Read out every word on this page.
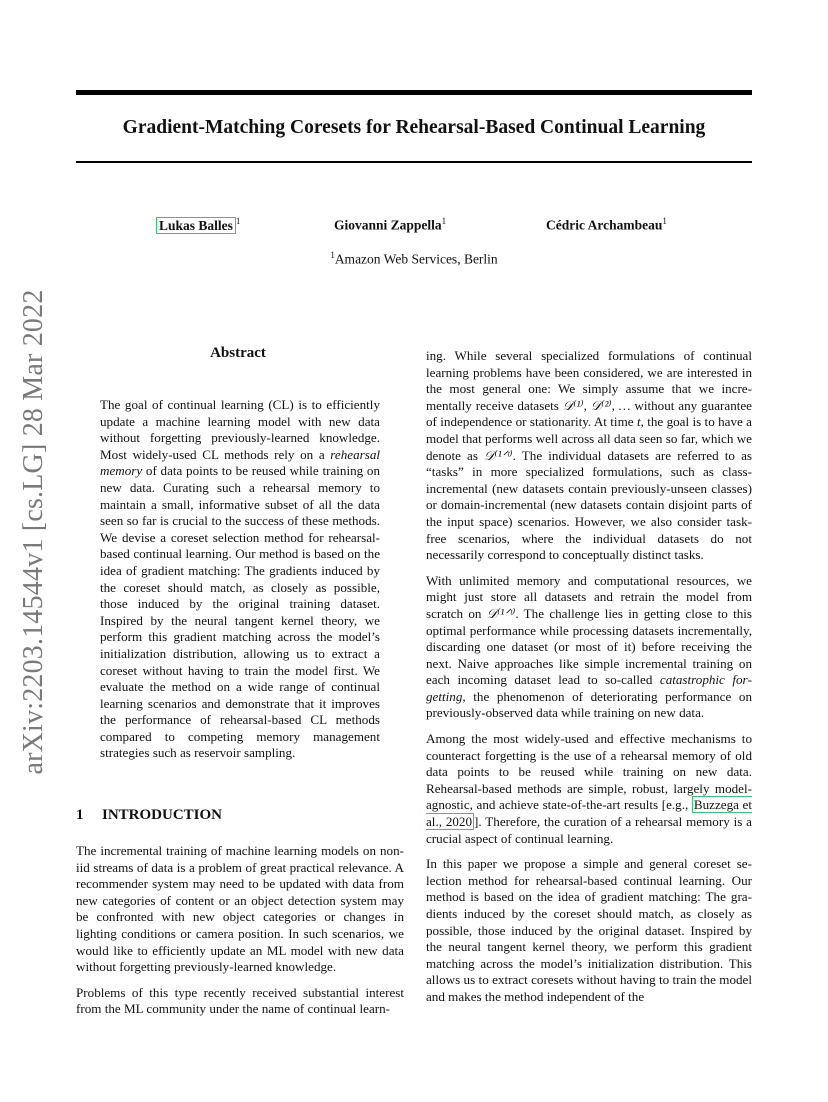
Gradient-Matching Coresets for Rehearsal-Based Continual Learning
Lukas Balles $^1$	Giovanni Zappella$^1$	Cédric Archambeau$^1$
$^1$Amazon Web Services, Berlin
arXiv:2203.14544v1 [cs.LG] 28 Mar 2022	Abstract
The goal of continual learning (CL) is to efficiently update a machine learning model with new data without forgetting previously-learned knowledge. Most widely-used CL methods rely on a rehearsal memory of data points to be reused while training on new data. Curating such a rehearsal memory to maintain a small, informative subset of all the data seen so far is crucial to the success of these methods. We devise a coreset selection method for rehearsal-based continual learning. Our method is based on the idea of gradient matching: The gradients induced by the coreset should match, as closely as possible, those induced by the original training dataset. Inspired by the neural tangent kernel theory, we perform this gradient matching across the model’s initialization distribution, allowing us to extract a coreset without having to train the model first. We evaluate the method on a wide range of continual learning scenarios and demonstrate that it improves the performance of rehearsal-based CL methods compared to competing memory management strategies such as reservoir sampling.
1 INTRODUCTION

The incremental training of machine learning models on non-iid streams of data is a problem of great practical relevance. A recommender system may need to be updated with data from new categories of content or an object detection system may be confronted with new object categories or changes in lighting conditions or camera position. In such scenarios, we would like to efficiently update an ML model with new data without forgetting previously-learned knowledge.

Problems of this type recently received substantial interest from the ML community under the name of continual learn-

ing. While several specialized formulations of continual learning problems have been considered, we are interested in the most general one: We simply assume that we incrementally receive datasets 𝒟⁽¹⁾, 𝒟⁽²⁾, … without any guarantee of independence or stationarity. At time t, the goal is to have a model that performs well across all data seen so far, which we denote as 𝒟⁽¹ᐟᵗ⁾. The individual datasets are referred to as “tasks” in more specialized formulations, such as class-incremental (new datasets contain previously-unseen classes) or domain-incremental (new datasets contain disjoint parts of the input space) scenarios. However, we also consider task-free scenarios, where the individual datasets do not necessarily correspond to conceptually distinct tasks.

With unlimited memory and computational resources, we might just store all datasets and retrain the model from scratch on 𝒟⁽¹ᐟᵗ⁾. The challenge lies in getting close to this optimal performance while processing datasets incrementally, discarding one dataset (or most of it) before receiving the next. Naive approaches like simple incremental training on each incoming dataset lead to so-called catastrophic forgetting, the phenomenon of deteriorating performance on previously-observed data while training on new data.

Among the most widely-used and effective mechanisms to counteract forgetting is the use of a rehearsal memory of old data points to be reused while training on new data. Rehearsal-based methods are simple, robust, largely model-agnostic, and achieve state-of-the-art results [e.g., Buzzega et al., 2020 ]. Therefore, the curation of a rehearsal memory is a crucial aspect of continual learning.

In this paper we propose a simple and general coreset selection method for rehearsal-based continual learning. Our method is based on the idea of gradient matching: The gradients induced by the coreset should match, as closely as possible, those induced by the original dataset. Inspired by the neural tangent kernel theory, we perform this gradient matching across the model’s initialization distribution. This allows us to extract coresets without having to train the model and makes the method independent of the
